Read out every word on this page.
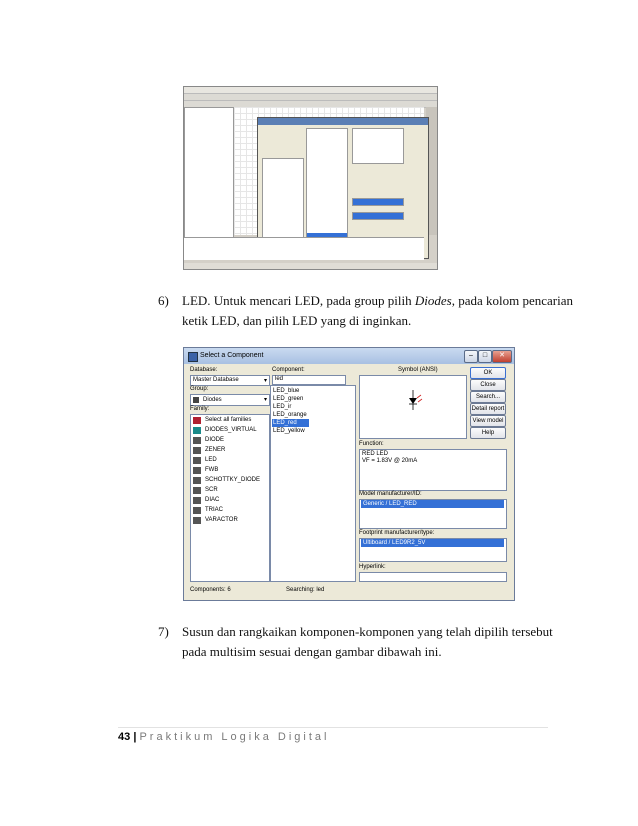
6) LED. Untuk mencari LED, pada group pilih Diodes, pada kolom pencarian ketik LED, dan pilih LED yang di inginkan.
Select a Component	–	□	✕
Database:
Master Database	▾
Group:
Diodes	▾
Family:
Select all families
DIODES_VIRTUAL
DIODE
ZENER
LED
FWB
SCHOTTKY_DIODE
SCR
DIAC
TRIAC
VARACTOR
Components: 6
Component:
led
LED_blue
LED_green
LED_ir
LED_orange
LED_red
LED_yellow
Searching: led
Symbol (ANSI)
Function:
RED LED
VF = 1.83V @ 20mA
Model manufacturer/ID:
Generic / LED_RED
Footprint manufacturer/type:
Ultiboard / LED9R2_5V
Hyperlink:
OK
Close
Search...
Detail report
View model
Help
7) Susun dan rangkaikan komponen-komponen yang telah dipilih tersebut pada multisim sesuai dengan gambar dibawah ini.
43 | Praktikum Logika Digital
